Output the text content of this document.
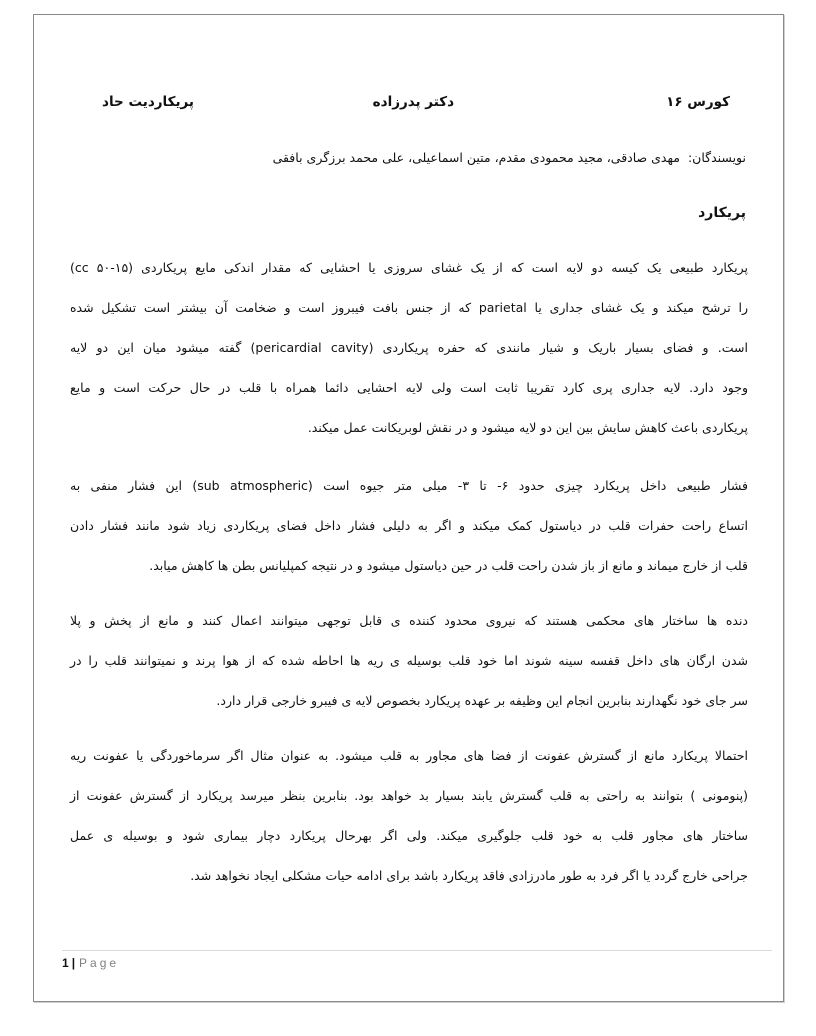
کورس ۱۶
دکتر پدرزاده
پریکاردیت حاد
نویسندگان: مهدی صادقی، مجید محمودی مقدم، متین اسماعیلی، علی محمد برزگری بافقی
پریکارد
پریکارد طبیعی یک کیسه دو لایه است که از یک غشای سروزی یا احشایی که مقدار اندکی مایع پریکاردی (۱۵-۵۰ cc)
را ترشح میکند و یک غشای جداری یا parietal که از جنس بافت فیبروز است و ضخامت آن بیشتر است تشکیل شده
است. و فضای بسیار باریک و شیار مانندی که حفره پریکاردی (pericardial cavity) گفته میشود میان این دو لایه
وجود دارد. لایه جداری پری کارد تقریبا ثابت است ولی لایه احشایی دائما همراه با قلب در حال حرکت است و مایع
پریکاردی باعث کاهش سایش بین این دو لایه میشود و در نقش لوبریکانت عمل میکند.
فشار طبیعی داخل پریکارد چیزی حدود ۶- تا ۳- میلی متر جیوه است (sub atmospheric) این فشار منفی به
اتساع راحت حفرات قلب در دیاستول کمک میکند و اگر به دلیلی فشار داخل فضای پریکاردی زیاد شود مانند فشار دادن
قلب از خارج میماند و مانع از باز شدن راحت قلب در حین دیاستول میشود و در نتیجه کمپلیانس بطن ها کاهش میابد.
دنده ها ساختار های محکمی هستند که نیروی محدود کننده ی قابل توجهی میتوانند اعمال کنند و مانع از پخش و پلا
شدن ارگان های داخل قفسه سینه شوند اما خود قلب بوسیله ی ریه ها احاطه شده که از هوا پرند و نمیتوانند قلب را در
سر جای خود نگهدارند بنابرین انجام این وظیفه بر عهده پریکارد بخصوص لایه ی فیبرو خارجی قرار دارد.
احتمالا پریکارد مانع از گسترش عفونت از فضا های مجاور به قلب میشود. به عنوان مثال اگر سرماخوردگی یا عفونت ریه
(پنومونی ) بتوانند به راحتی به قلب گسترش یابند بسیار بد خواهد بود. بنابرین بنظر میرسد پریکارد از گسترش عفونت از
ساختار های مجاور قلب به خود قلب جلوگیری میکند. ولی اگر بهرحال پریکارد دچار بیماری شود و بوسیله ی عمل
جراحی خارج گردد یا اگر فرد به طور مادرزادی فاقد پریکارد باشد برای ادامه حیات مشکلی ایجاد نخواهد شد.
1 | Page
